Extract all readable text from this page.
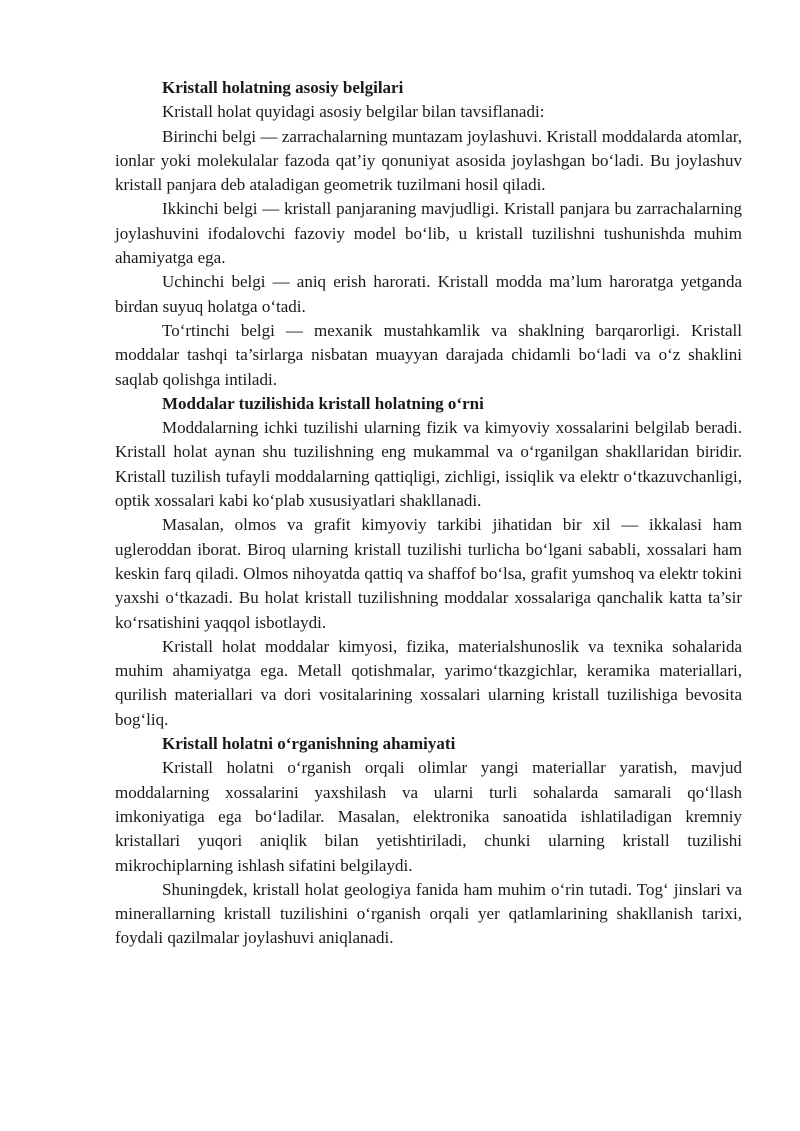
Kristall holatning asosiy belgilari

Kristall holat quyidagi asosiy belgilar bilan tavsiflanadi:

Birinchi belgi — zarrachalarning muntazam joylashuvi. Kristall moddalarda atomlar, ionlar yoki molekulalar fazoda qat’iy qonuniyat asosida joylashgan bo‘ladi. Bu joylashuv kristall panjara deb ataladigan geometrik tuzilmani hosil qiladi.

Ikkinchi belgi — kristall panjaraning mavjudligi. Kristall panjara bu zarrachalarning joylashuvini ifodalovchi fazoviy model bo‘lib, u kristall tuzilishni tushunishda muhim ahamiyatga ega.

Uchinchi belgi — aniq erish harorati. Kristall modda ma’lum haroratga yetganda birdan suyuq holatga o‘tadi.

To‘rtinchi belgi — mexanik mustahkamlik va shaklning barqarorligi. Kristall moddalar tashqi ta’sirlarga nisbatan muayyan darajada chidamli bo‘ladi va o‘z shaklini saqlab qolishga intiladi.

Moddalar tuzilishida kristall holatning o‘rni

Moddalarning ichki tuzilishi ularning fizik va kimyoviy xossalarini belgilab beradi. Kristall holat aynan shu tuzilishning eng mukammal va o‘rganilgan shakllaridan biridir. Kristall tuzilish tufayli moddalarning qattiqligi, zichligi, issiqlik va elektr o‘tkazuvchanligi, optik xossalari kabi ko‘plab xususiyatlari shakllanadi.

Masalan, olmos va grafit kimyoviy tarkibi jihatidan bir xil — ikkalasi ham ugleroddan iborat. Biroq ularning kristall tuzilishi turlicha bo‘lgani sababli, xossalari ham keskin farq qiladi. Olmos nihoyatda qattiq va shaffof bo‘lsa, grafit yumshoq va elektr tokini yaxshi o‘tkazadi. Bu holat kristall tuzilishning moddalar xossalariga qanchalik katta ta’sir ko‘rsatishini yaqqol isbotlaydi.

Kristall holat moddalar kimyosi, fizika, materialshunoslik va texnika sohalarida muhim ahamiyatga ega. Metall qotishmalar, yarimo‘tkazgichlar, keramika materiallari, qurilish materiallari va dori vositalarining xossalari ularning kristall tuzilishiga bevosita bog‘liq.

Kristall holatni o‘rganishning ahamiyati

Kristall holatni o‘rganish orqali olimlar yangi materiallar yaratish, mavjud moddalarning xossalarini yaxshilash va ularni turli sohalarda samarali qo‘llash imkoniyatiga ega bo‘ladilar. Masalan, elektronika sanoatida ishlatiladigan kremniy kristallari yuqori aniqlik bilan yetishtiriladi, chunki ularning kristall tuzilishi mikrochiplarning ishlash sifatini belgilaydi.

Shuningdek, kristall holat geologiya fanida ham muhim o‘rin tutadi. Tog‘ jinslari va minerallarning kristall tuzilishini o‘rganish orqali yer qatlamlarining shakllanish tarixi, foydali qazilmalar joylashuvi aniqlanadi.
